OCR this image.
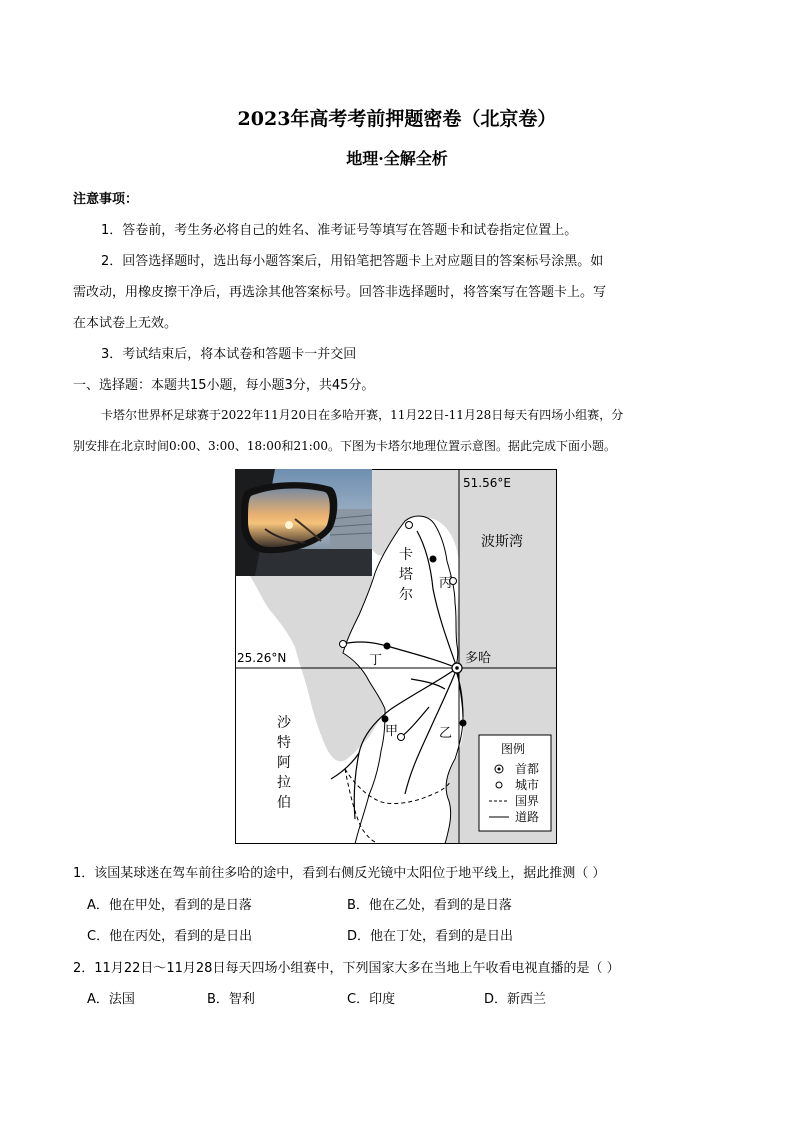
2023年高考考前押题密卷（北京卷）
地理·全解全析
注意事项：
1．答卷前，考生务必将自己的姓名、准考证号等填写在答题卡和试卷指定位置上。
2．回答选择题时，选出每小题答案后，用铅笔把答题卡上对应题目的答案标号涂黑。如
需改动，用橡皮擦干净后，再选涂其他答案标号。回答非选择题时，将答案写在答题卡上。写
在本试卷上无效。
3．考试结束后，将本试卷和答题卡一并交回
一、选择题：本题共15小题，每小题3分，共45分。
卡塔尔世界杯足球赛于2022年11月20日在多哈开赛，11月22日-11月28日每天有四场小组赛，分
别安排在北京时间0:00、3:00、18:00和21:00。下图为卡塔尔地理位置示意图。据此完成下面小题。
51.56°E
25.26°N
波斯湾
卡
塔
尔
丙
丁
甲	乙
多哈
沙
特
阿
拉
伯
图例
首都
城市
国界
道路
1．该国某球迷在驾车前往多哈的途中，看到右侧反光镜中太阳位于地平线上，据此推测（ ）
A．他在甲处，看到的是日落	B．他在乙处，看到的是日落
C．他在丙处，看到的是日出	D．他在丁处，看到的是日出
2．11月22日～11月28日每天四场小组赛中，下列国家大多在当地上午收看电视直播的是（ ）
A．法国	B．智利	C．印度	D．新西兰
